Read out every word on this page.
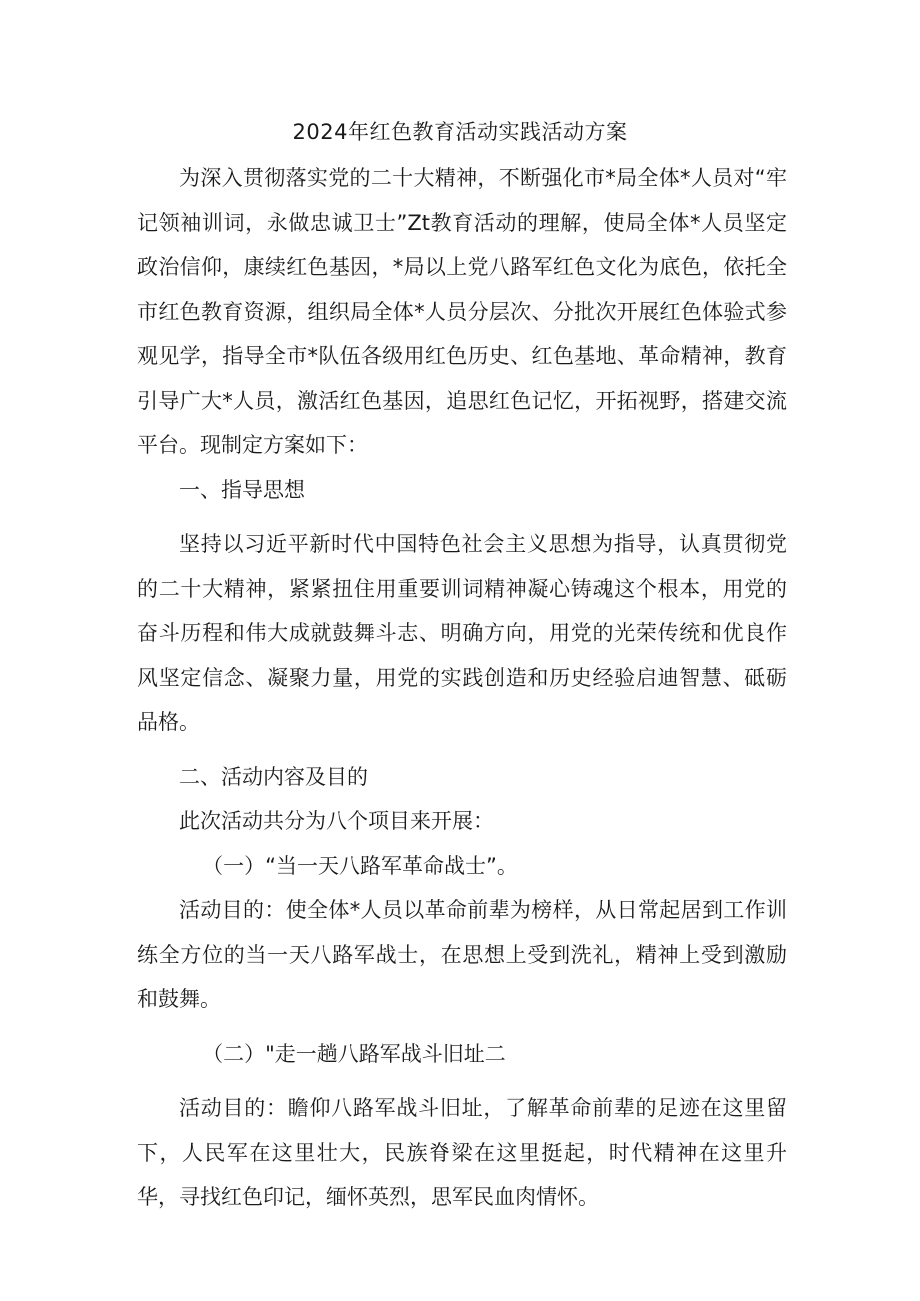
2024年红色教育活动实践活动方案

为深入贯彻落实党的二十大精神，不断强化市*局全体*人员对“牢记领袖训词，永做忠诚卫士”Zt教育活动的理解，使局全体*人员坚定政治信仰，康续红色基因，*局以上党八路军红色文化为底色，依托全市红色教育资源，组织局全体*人员分层次、分批次开展红色体验式参观见学，指导全市*队伍各级用红色历史、红色基地、革命精神，教育引导广大*人员，激活红色基因，追思红色记忆，开拓视野，搭建交流平台。现制定方案如下：

一、指导思想

坚持以习近平新时代中国特色社会主义思想为指导，认真贯彻党的二十大精神，紧紧扭住用重要训词精神凝心铸魂这个根本，用党的奋斗历程和伟大成就鼓舞斗志、明确方向，用党的光荣传统和优良作风坚定信念、凝聚力量，用党的实践创造和历史经验启迪智慧、砥砺品格。

二、活动内容及目的

此次活动共分为八个项目来开展：

（一）“当一天八路军革命战士”。

活动目的：使全体*人员以革命前辈为榜样，从日常起居到工作训练全方位的当一天八路军战士，在思想上受到洗礼，精神上受到激励和鼓舞。

（二）"走一趟八路军战斗旧址二

活动目的：瞻仰八路军战斗旧址，了解革命前辈的足迹在这里留下，人民军在这里壮大，民族脊梁在这里挺起，时代精神在这里升华，寻找红色印记，缅怀英烈，思军民血肉情怀。
